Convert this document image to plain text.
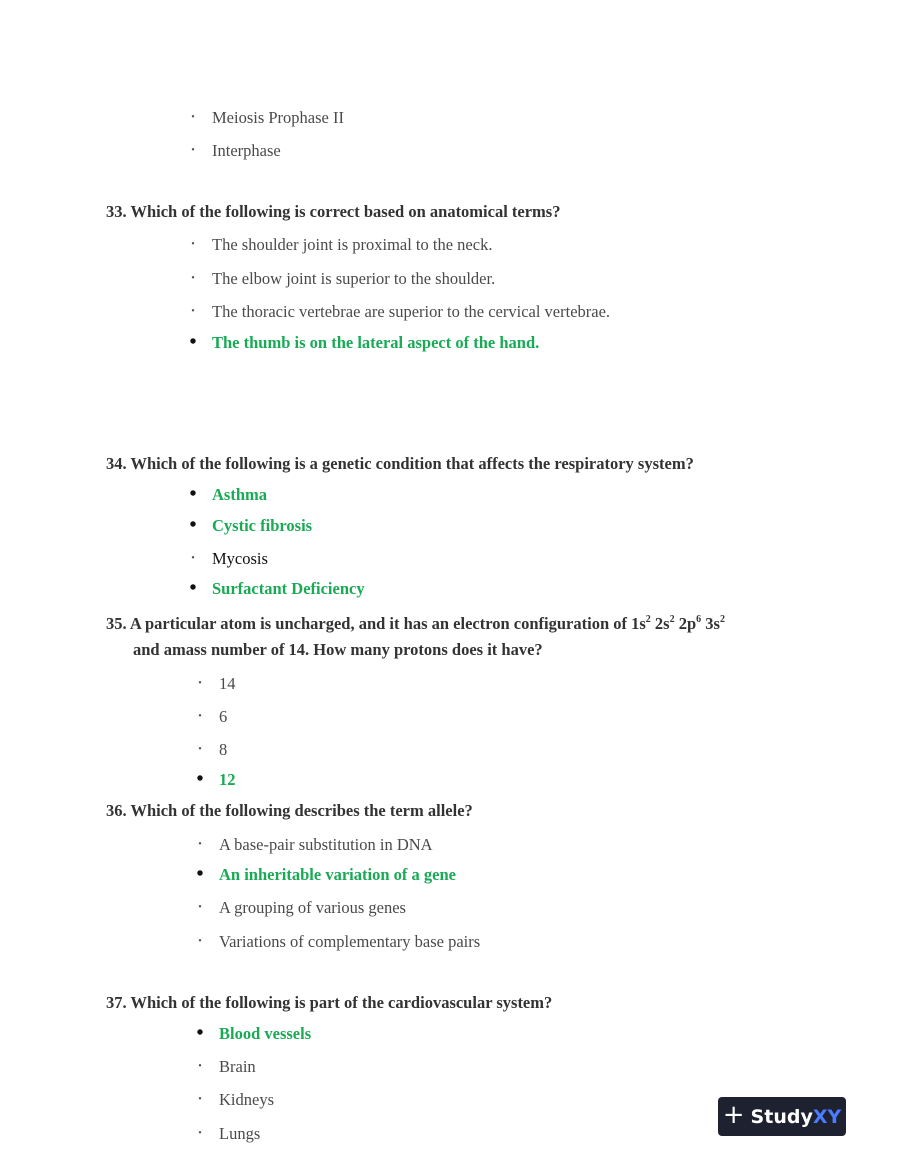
•	Meiosis Prophase II
•	Interphase
33. Which of the following is correct based on anatomical terms?
•	The shoulder joint is proximal to the neck.
•	The elbow joint is superior to the shoulder.
•	The thoracic vertebrae are superior to the cervical vertebrae.
• The thumb is on the lateral aspect of the hand.
34. Which of the following is a genetic condition that affects the respiratory system?
• Asthma
• Cystic fibrosis
•	Mycosis
• Surfactant Deficiency
35. A particular atom is uncharged, and it has an electron configuration of $1s^2$ $2s^2$ $2p^6$ $3s^2$
and amass number of 14. How many protons does it have?
•	14
•	6
•	8
• 12
36. Which of the following describes the term allele?
•	A base-pair substitution in DNA
• An inheritable variation of a gene
•	A grouping of various genes
•	Variations of complementary base pairs
37. Which of the following is part of the cardiovascular system?
• Blood vessels
•	Brain
•	Kidneys
•	Lungs
+ StudyXY
